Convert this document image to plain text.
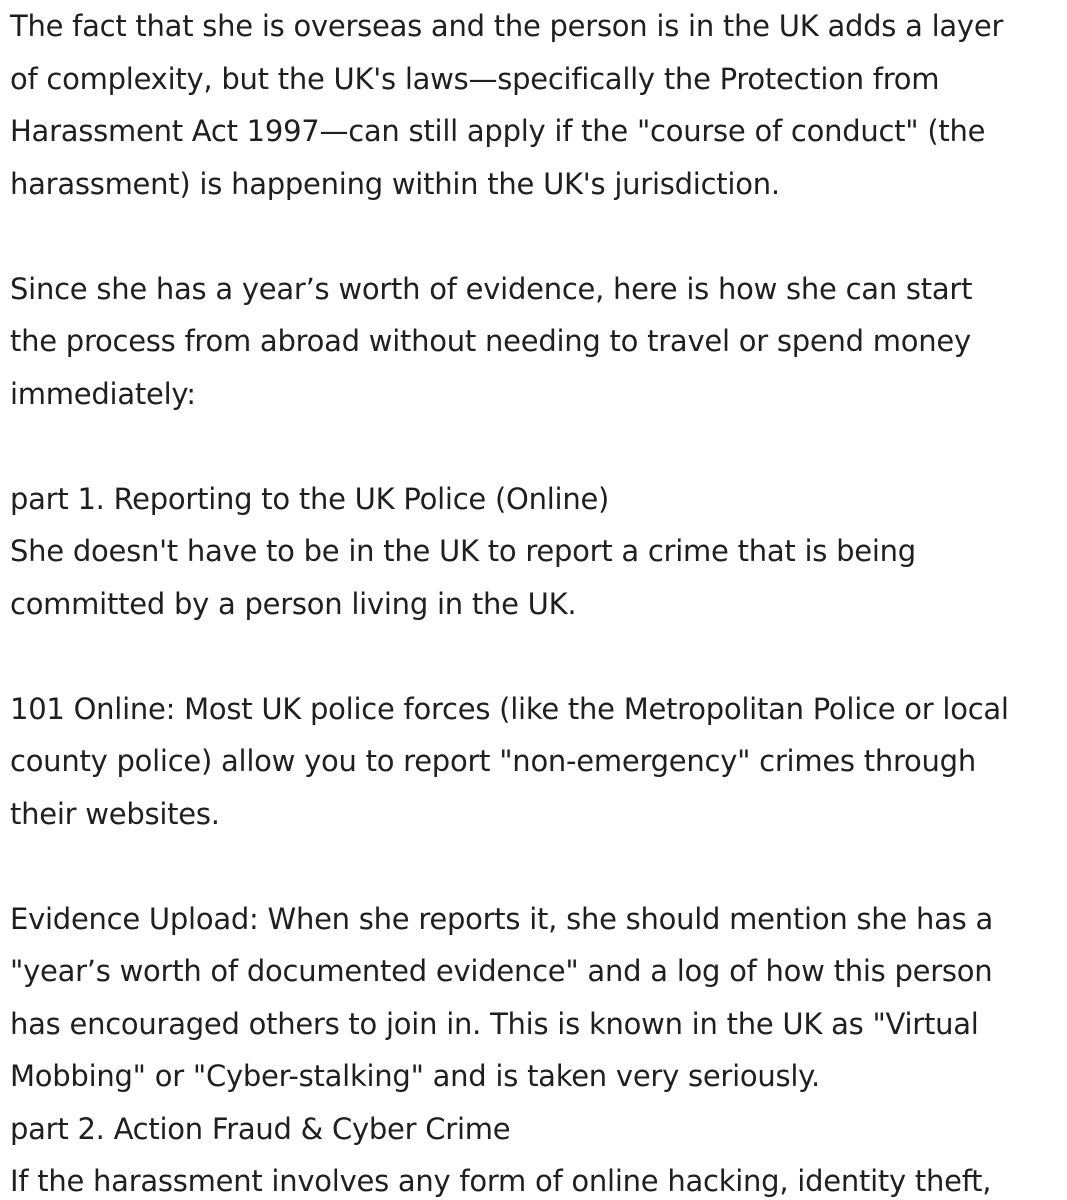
The fact that she is overseas and the person is in the UK adds a layer
of complexity, but the UK's laws—specifically the Protection from
Harassment Act 1997—can still apply if the "course of conduct" (the
harassment) is happening within the UK's jurisdiction.
Since she has a year’s worth of evidence, here is how she can start
the process from abroad without needing to travel or spend money
immediately:
part 1. Reporting to the UK Police (Online)
She doesn't have to be in the UK to report a crime that is being
committed by a person living in the UK.
101 Online: Most UK police forces (like the Metropolitan Police or local
county police) allow you to report "non-emergency" crimes through
their websites.
Evidence Upload: When she reports it, she should mention she has a
"year’s worth of documented evidence" and a log of how this person
has encouraged others to join in. This is known in the UK as "Virtual
Mobbing" or "Cyber-stalking" and is taken very seriously.
part 2. Action Fraud & Cyber Crime
If the harassment involves any form of online hacking, identity theft,
